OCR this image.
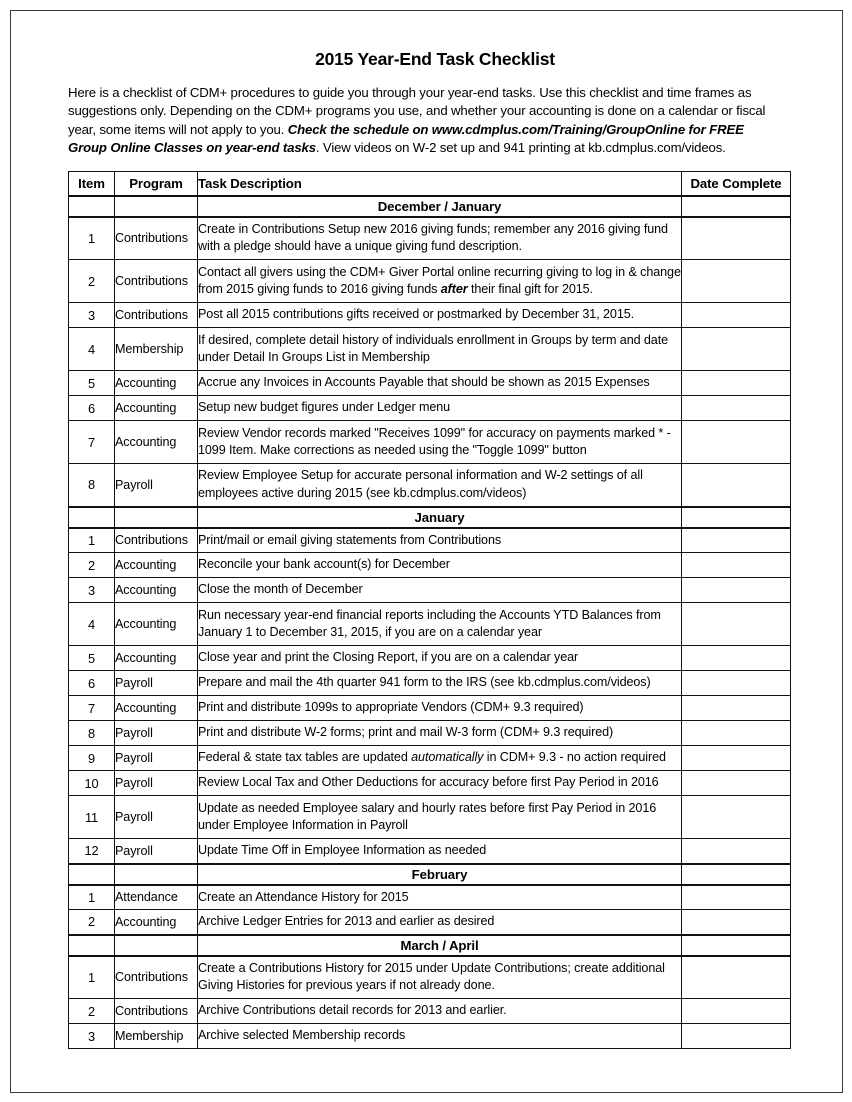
2015 Year-End Task Checklist

Here is a checklist of CDM+ procedures to guide you through your year-end tasks. Use this checklist and time frames as suggestions only. Depending on the CDM+ programs you use, and whether your accounting is done on a calendar or fiscal year, some items will not apply to you. Check the schedule on www.cdmplus.com/Training/GroupOnline for FREE Group Online Classes on year-end tasks. View videos on W-2 set up and 941 printing at kb.cdmplus.com/videos.

Item	Program	Task Description	Date Complete
		December / January	
1	Contributions	Create in Contributions Setup new 2016 giving funds; remember any 2016 giving fund with a pledge should have a unique giving fund description.	
2	Contributions	Contact all givers using the CDM+ Giver Portal online recurring giving to log in & change from 2015 giving funds to 2016 giving funds after their final gift for 2015.	
3	Contributions	Post all 2015 contributions gifts received or postmarked by December 31, 2015.	
4	Membership	If desired, complete detail history of individuals enrollment in Groups by term and date under Detail In Groups List in Membership	
5	Accounting	Accrue any Invoices in Accounts Payable that should be shown as 2015 Expenses	
6	Accounting	Setup new budget figures under Ledger menu	
7	Accounting	Review Vendor records marked "Receives 1099" for accuracy on payments marked * - 1099 Item. Make corrections as needed using the "Toggle 1099" button	
8	Payroll	Review Employee Setup for accurate personal information and W-2 settings of all employees active during 2015 (see kb.cdmplus.com/videos)	
		January	
1	Contributions	Print/mail or email giving statements from Contributions	
2	Accounting	Reconcile your bank account(s) for December	
3	Accounting	Close the month of December	
4	Accounting	Run necessary year-end financial reports including the Accounts YTD Balances from January 1 to December 31, 2015, if you are on a calendar year	
5	Accounting	Close year and print the Closing Report, if you are on a calendar year	
6	Payroll	Prepare and mail the 4th quarter 941 form to the IRS (see kb.cdmplus.com/videos)	
7	Accounting	Print and distribute 1099s to appropriate Vendors (CDM+ 9.3 required)	
8	Payroll	Print and distribute W-2 forms; print and mail W-3 form (CDM+ 9.3 required)	
9	Payroll	Federal & state tax tables are updated automatically in CDM+ 9.3 - no action required	
10	Payroll	Review Local Tax and Other Deductions for accuracy before first Pay Period in 2016	
11	Payroll	Update as needed Employee salary and hourly rates before first Pay Period in 2016 under Employee Information in Payroll	
12	Payroll	Update Time Off in Employee Information as needed	
		February	
1	Attendance	Create an Attendance History for 2015	
2	Accounting	Archive Ledger Entries for 2013 and earlier as desired	
		March / April	
1	Contributions	Create a Contributions History for 2015 under Update Contributions; create additional Giving Histories for previous years if not already done.	
2	Contributions	Archive Contributions detail records for 2013 and earlier.	
3	Membership	Archive selected Membership records	
